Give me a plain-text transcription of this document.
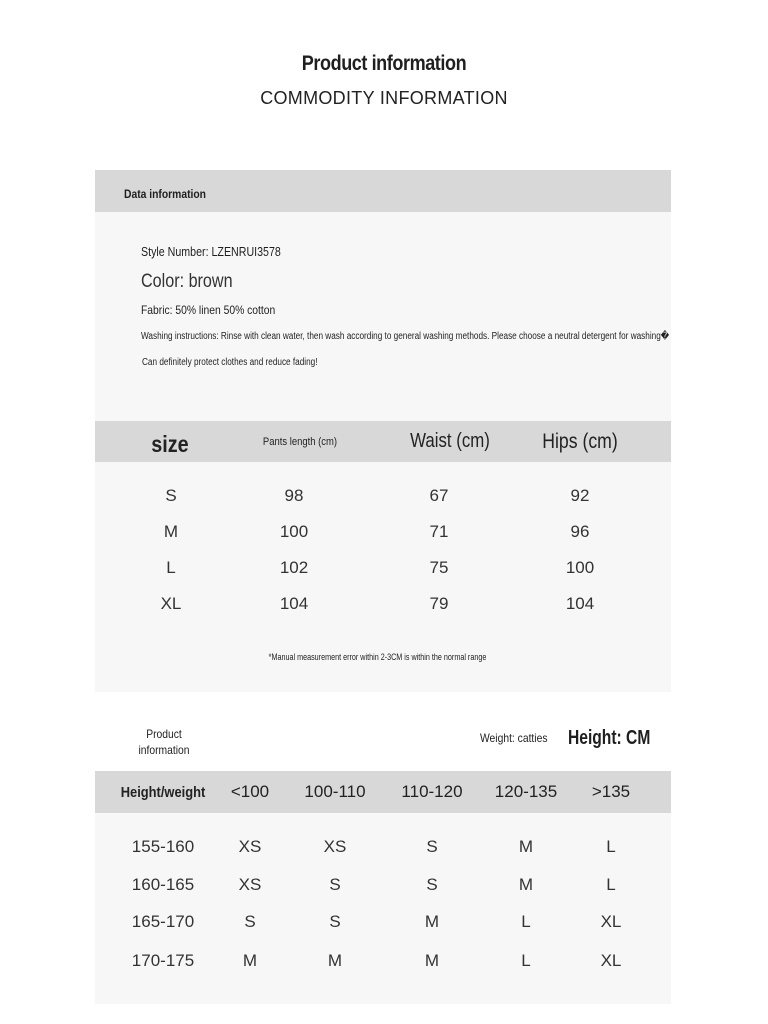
Product information
COMMODITY INFORMATION
Data information
Style Number: LZENRUI3578
Color: brown
Fabric: 50% linen 50% cotton
Washing instructions: Rinse with clean water, then wash according to general washing methods. Please choose a neutral detergent for washing�
Can definitely protect clothes and reduce fading!
size	Pants length (cm)	Waist (cm)	Hips (cm)
S	98	67	92
M	100	71	96
L	102	75	100
XL	104	79	104
*Manual measurement error within 2-3CM is within the normal range
Product information
Weight: catties Height: CM
Height/weight	<100	100-110	110-120	120-135	>135
155-160	XS	XS	S	M	L
160-165	XS	S	S	M	L
165-170	S	S	M	L	XL
170-175	M	M	M	L	XL
